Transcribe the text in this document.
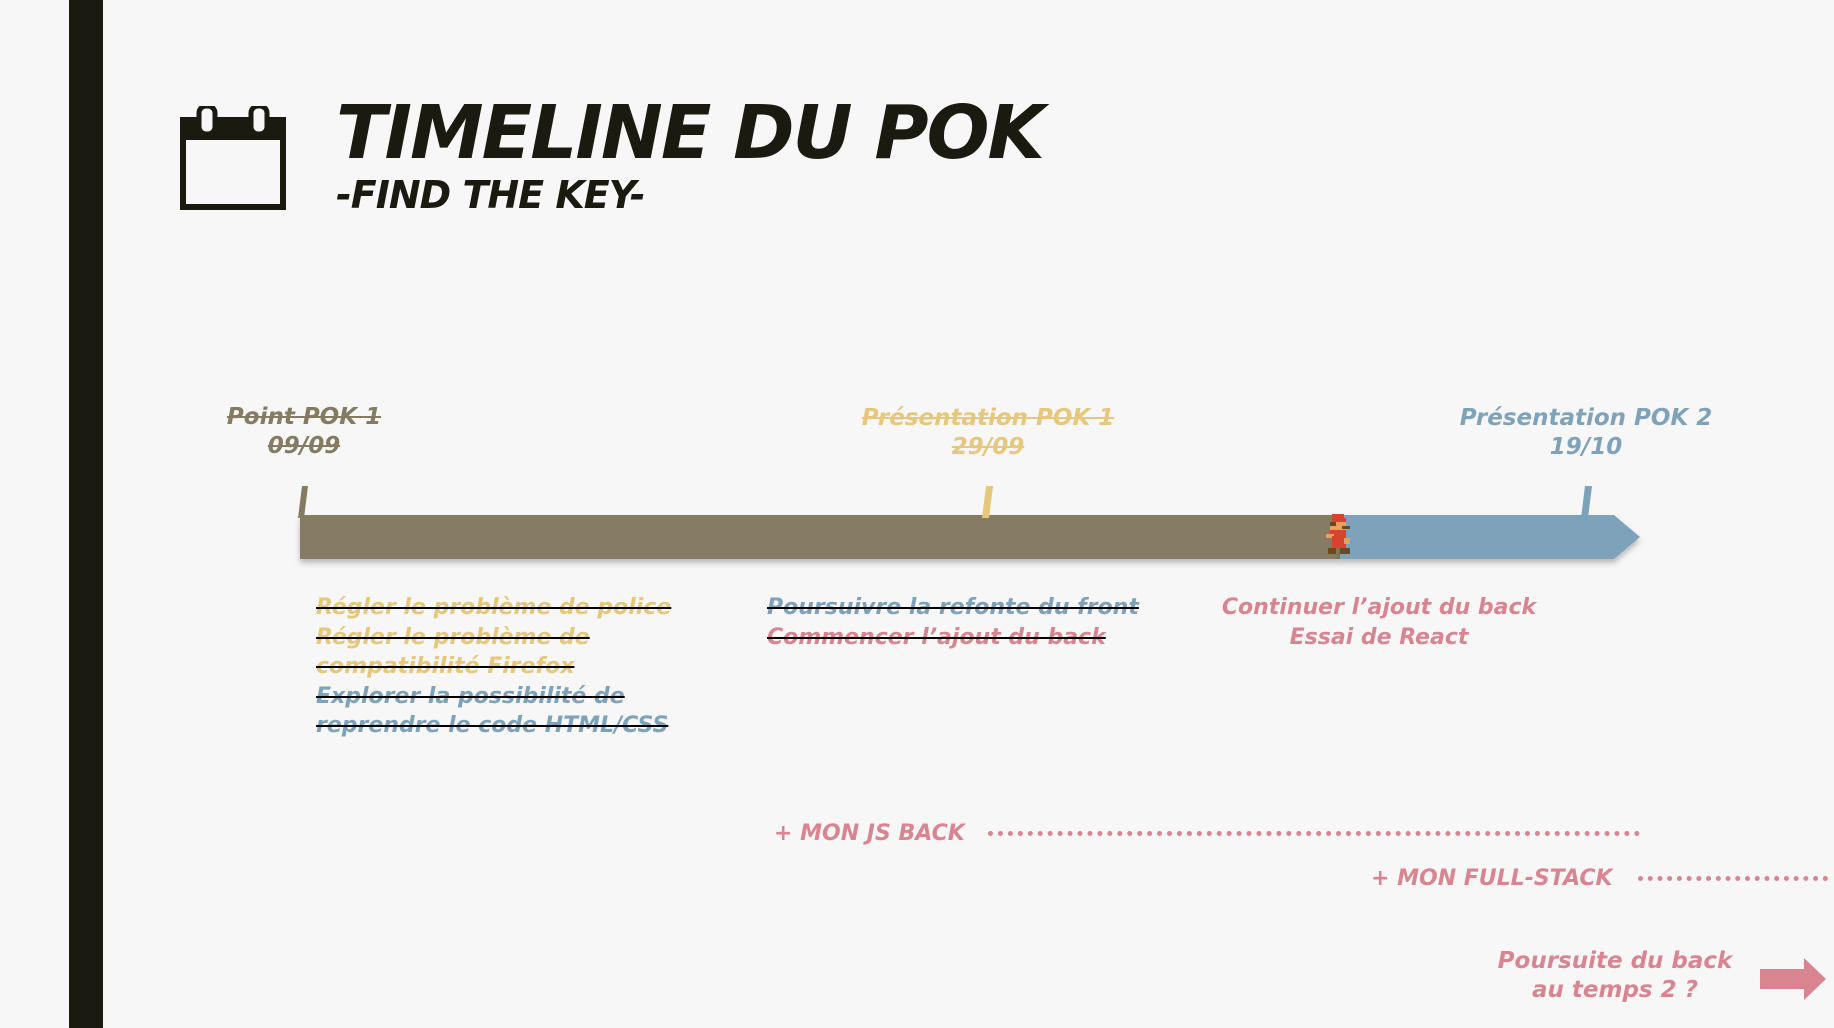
TIMELINE DU POK
-FIND THE KEY-
Point POK 1
09/09
Présentation POK 1
29/09
Présentation POK 2
19/10
Régler le problème de police
Régler le problème de
compatibilité Firefox
Explorer la possibilité de
reprendre le code HTML/CSS
Poursuivre la refonte du front
Commencer l’ajout du back
Continuer l’ajout du back
Essai de React
+ MON JS BACK
+ MON FULL-STACK
Poursuite du back
au temps 2 ?
